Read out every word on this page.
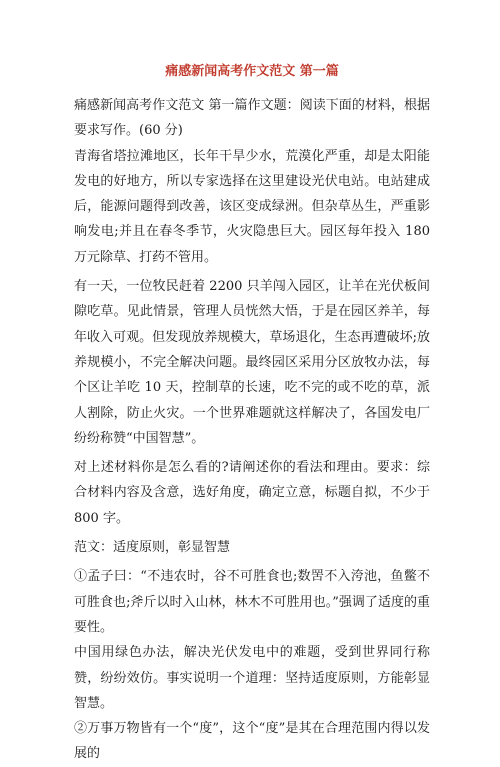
痛感新闻高考作文范文 第一篇

痛感新闻高考作文范文 第一篇作文题：阅读下面的材料，根据要求写作。(60 分)

青海省塔拉滩地区，长年干旱少水，荒漠化严重，却是太阳能发电的好地方，所以专家选择在这里建设光伏电站。电站建成后，能源问题得到改善，该区变成绿洲。但杂草丛生，严重影响发电;并且在春冬季节，火灾隐患巨大。园区每年投入 180 万元除草、打药不管用。

有一天，一位牧民赶着 2200 只羊闯入园区，让羊在光伏板间隙吃草。见此情景，管理人员恍然大悟，于是在园区养羊，每年收入可观。但发现放养规模大，草场退化，生态再遭破坏;放养规模小，不完全解决问题。最终园区采用分区放牧办法，每个区让羊吃 10 天，控制草的长速，吃不完的或不吃的草，派人割除，防止火灾。一个世界难题就这样解决了，各国发电厂纷纷称赞“中国智慧”。

对上述材料你是怎么看的?请阐述你的看法和理由。要求：综合材料内容及含意，选好角度，确定立意，标题自拟，不少于 800 字。

范文：适度原则，彰显智慧

①孟子曰：“不违农时，谷不可胜食也;数罟不入洿池，鱼鳖不可胜食也;斧斤以时入山林，林木不可胜用也。”强调了适度的重要性。

中国用绿色办法，解决光伏发电中的难题，受到世界同行称赞，纷纷效仿。事实说明一个道理：坚持适度原则，方能彰显智慧。

②万事万物皆有一个“度”，这个“度”是其在合理范围内得以发展的
